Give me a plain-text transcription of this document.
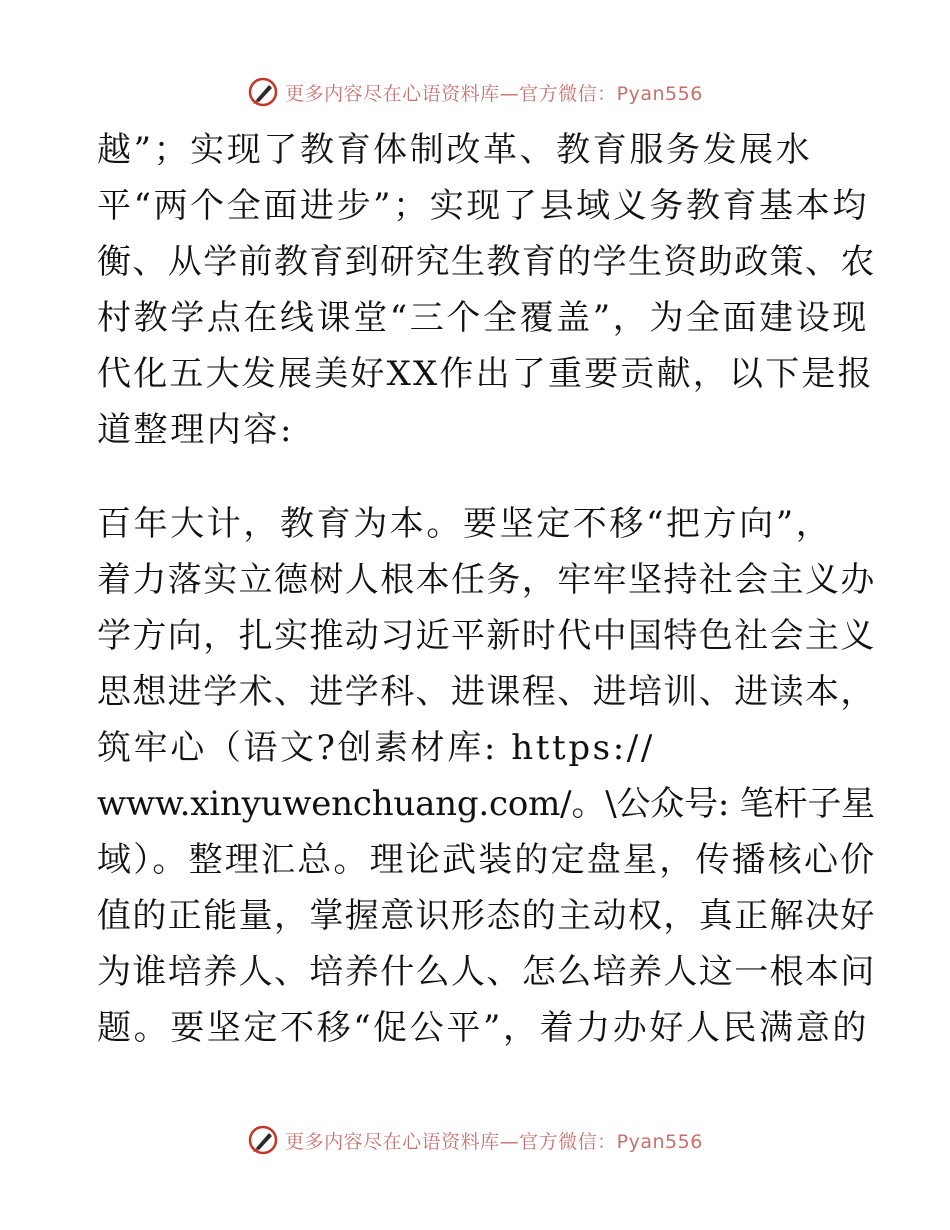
更多内容尽在心语资料库—官方微信：Pyan556
越”；实现了教育体制改革、教育服务发展水
平“两个全面进步”；实现了县域义务教育基本均
衡、从学前教育到研究生教育的学生资助政策、农
村教学点在线课堂“三个全覆盖”，为全面建设现
代化五大发展美好XX作出了重要贡献，以下是报
道整理内容:
百年大计，教育为本。要坚定不移“把方向”，
着力落实立德树人根本任务，牢牢坚持社会主义办
学方向，扎实推动习近平新时代中国特色社会主义
思想进学术、进学科、进课程、进培训、进读本，
筑牢心（语文?创素材库: https://
www.xinyuwenchuang.com/。\公众号: 笔杆子星
域）。整理汇总。理论武装的定盘星，传播核心价
值的正能量，掌握意识形态的主动权，真正解决好
为谁培养人、培养什么人、怎么培养人这一根本问
题。要坚定不移“促公平”，着力办好人民满意的
更多内容尽在心语资料库—官方微信：Pyan556
